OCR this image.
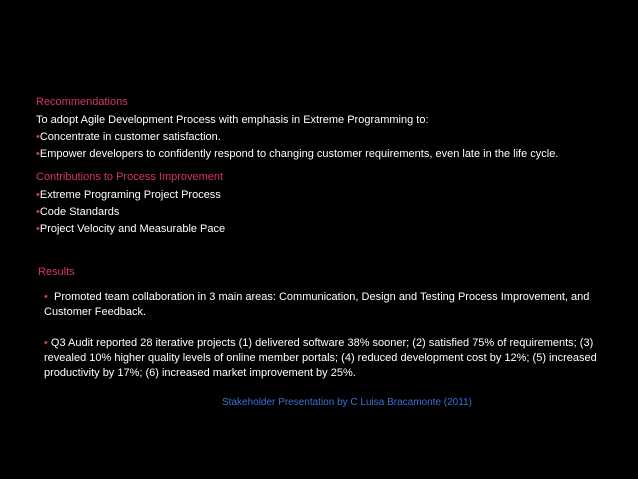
Recommendations
To adopt Agile Development Process with emphasis in Extreme Programming to:
•Concentrate in customer satisfaction.
•Empower developers to confidently respond to changing customer requirements, even late in the life cycle.
Contributions to Process Improvement
•Extreme Programing Project Process
•Code Standards
•Project Velocity and Measurable Pace
Results
• Promoted team collaboration in 3 main areas: Communication, Design and Testing Process Improvement, and Customer Feedback.
• Q3 Audit reported 28 iterative projects (1) delivered software 38% sooner; (2) satisfied 75% of requirements; (3) revealed 10% higher quality levels of online member portals; (4) reduced development cost by 12%; (5) increased productivity by 17%; (6) increased market improvement by 25%.
Stakeholder Presentation by C Luisa Bracamonte (2011)
